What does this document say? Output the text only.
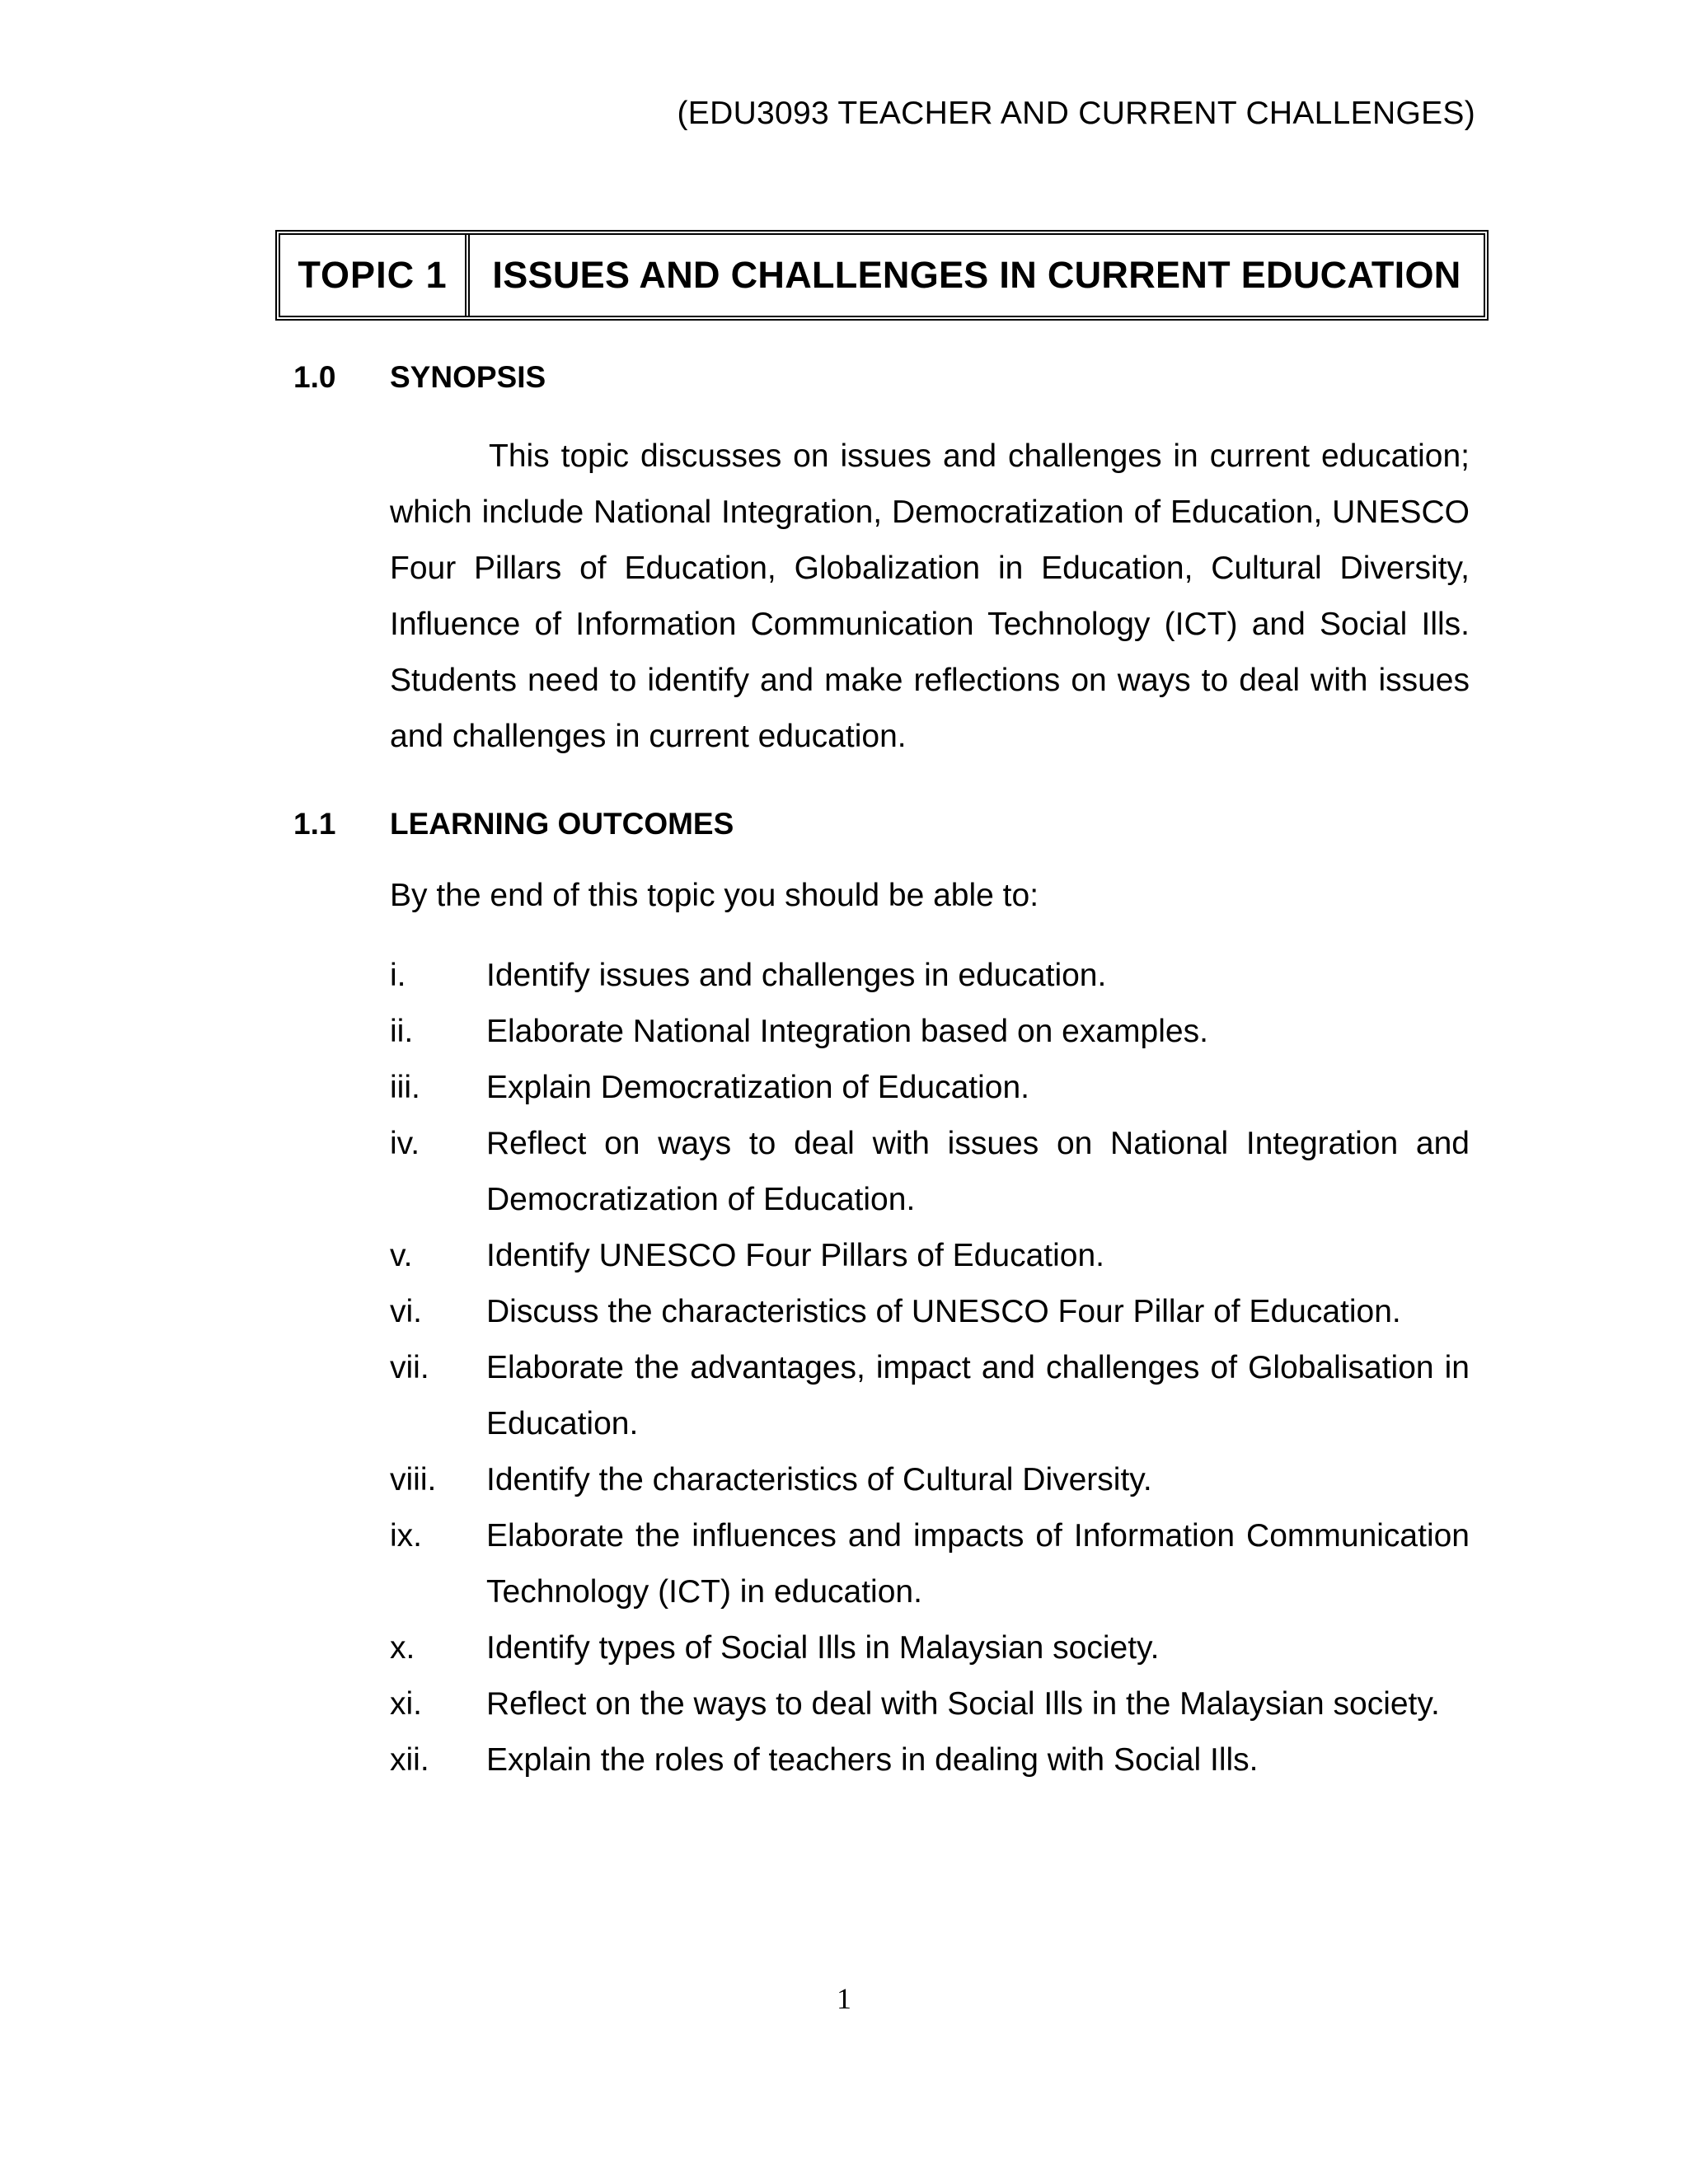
(EDU3093 TEACHER AND CURRENT CHALLENGES)
TOPIC 1	ISSUES AND CHALLENGES IN CURRENT EDUCATION
1.0	SYNOPSIS

This topic discusses on issues and challenges in current education; which include National Integration, Democratization of Education, UNESCO Four Pillars of Education, Globalization in Education, Cultural Diversity, Influence of Information Communication Technology (ICT) and Social Ills. Students need to identify and make reflections on ways to deal with issues and challenges in current education.

1.1	LEARNING OUTCOMES
By the end of this topic you should be able to:
i.	Identify issues and challenges in education.
ii.	Elaborate National Integration based on examples.
iii.	Explain Democratization of Education.
iv.	Reflect on ways to deal with issues on National Integration and Democratization of Education.
v.	Identify UNESCO Four Pillars of Education.
vi.	Discuss the characteristics of UNESCO Four Pillar of Education.
vii.	Elaborate the advantages, impact and challenges of Globalisation in Education.
viii.	Identify the characteristics of Cultural Diversity.
ix.	Elaborate the influences and impacts of Information Communication Technology (ICT) in education.
x.	Identify types of Social Ills in Malaysian society.
xi.	Reflect on the ways to deal with Social Ills in the Malaysian society.
xii.	Explain the roles of teachers in dealing with Social Ills.
1
